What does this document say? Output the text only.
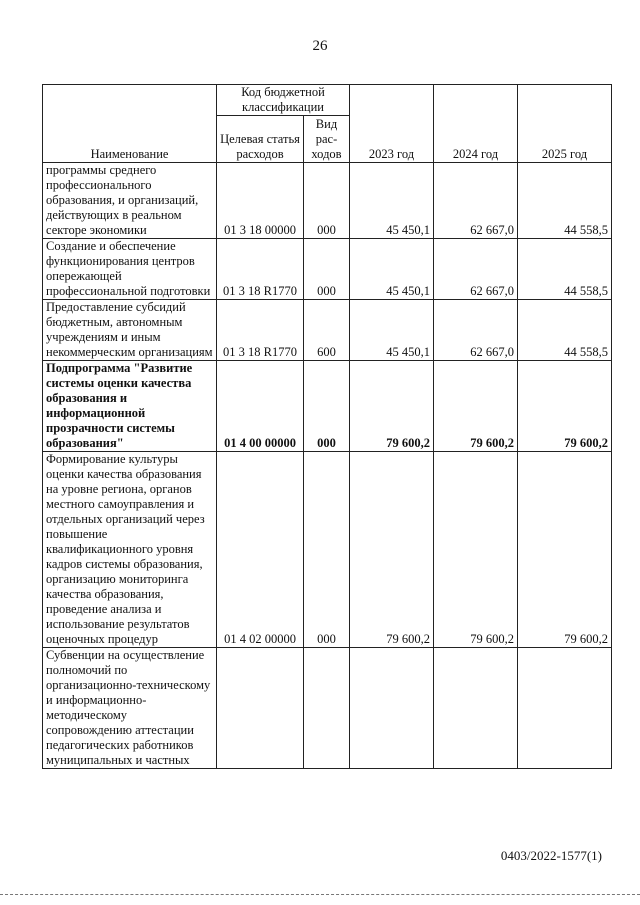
26
Наименование	Код бюджетной классификации		2023 год	2024 год	2025 год
	Целевая статья расходов	Вид рас-ходов			
программы среднего профессионального образования, и организаций, действующих в реальном секторе экономики	01 3 18 00000	000	45 450,1	62 667,0	44 558,5
Создание и обеспечение функционирования центров опережающей профессиональной подготовки	01 3 18 R1770	000	45 450,1	62 667,0	44 558,5
Предоставление субсидий бюджетным, автономным учреждениям и иным некоммерческим организациям	01 3 18 R1770	600	45 450,1	62 667,0	44 558,5
Подпрограмма "Развитие системы оценки качества образования и информационной прозрачности системы образования"	01 4 00 00000	000	79 600,2	79 600,2	79 600,2
Формирование культуры оценки качества образования на уровне региона, органов местного самоуправления и отдельных организаций через повышение квалификационного уровня кадров системы образования, организацию мониторинга качества образования, проведение анализа и использование результатов оценочных процедур	01 4 02 00000	000	79 600,2	79 600,2	79 600,2
Субвенции на осуществление полномочий по организационно-техническому и информационно-методическому сопровождению аттестации педагогических работников муниципальных и частных					
0403/2022-1577(1)
